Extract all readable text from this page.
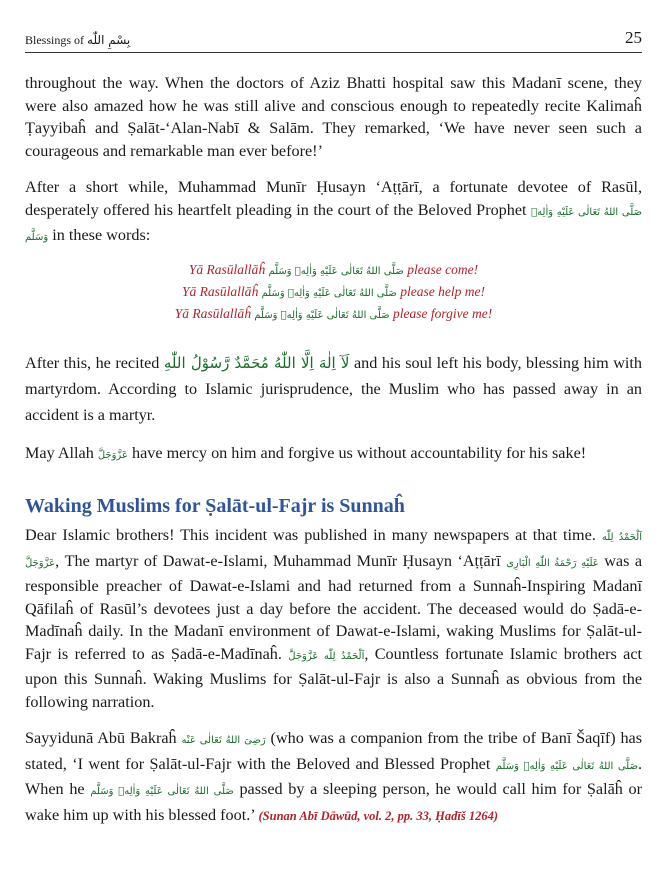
Blessings of بِسْمِ اللّٰه	25

throughout the way. When the doctors of Aziz Bhatti hospital saw this Madanī scene, they were also amazed how he was still alive and conscious enough to repeatedly recite Kalimaĥ Ṭayyibaĥ and Ṣalāt-‘Alan-Nabī & Salām. They remarked, ‘We have never seen such a courageous and remarkable man ever before!’

After a short while, Muhammad Munīr Ḥusayn ‘Aṭṭārī, a fortunate devotee of Rasūl, desperately offered his heartfelt pleading in the court of the Beloved Prophet صَلَّى اللهُ تَعَالٰى عَلَيْهِ وَاٰلِهٖ وَسَلَّم in these words:

Yā Rasūlallāĥ صَلَّى اللهُ تَعَالٰى عَلَيْهِ وَاٰلِهٖ وَسَلَّم please come!
Yā Rasūlallāĥ صَلَّى اللهُ تَعَالٰى عَلَيْهِ وَاٰلِهٖ وَسَلَّم please help me!
Yā Rasūlallāĥ صَلَّى اللهُ تَعَالٰى عَلَيْهِ وَاٰلِهٖ وَسَلَّم please forgive me!

After this, he recited لَآ اِلٰهَ اِلَّا اللّٰهُ مُحَمَّدٌ رَّسُوْلُ اللّٰهِ and his soul left his body, blessing him with martyrdom. According to Islamic jurisprudence, the Muslim who has passed away in an accident is a martyr.

May Allah عَزَّوَجَلَّ have mercy on him and forgive us without accountability for his sake!

Waking Muslims for Ṣalāt-ul-Fajr is Sunnaĥ

Dear Islamic brothers! This incident was published in many newspapers at that time. اَلْحَمْدُ لِلّٰه عَزَّوَجَلَّ, The martyr of Dawat-e-Islami, Muhammad Munīr Ḥusayn ‘Aṭṭārī عَلَيْهِ رَحْمَةُ اللّٰهِ الْبَارِی was a responsible preacher of Dawat-e-Islami and had returned from a Sunnaĥ-Inspiring Madanī Qāfilaĥ of Rasūl’s devotees just a day before the accident. The deceased would do Ṣadā-e-Madīnaĥ daily. In the Madanī environment of Dawat-e-Islami, waking Muslims for Ṣalāt-ul-Fajr is referred to as Ṣadā-e-Madīnaĥ. اَلْحَمْدُ لِلّٰه عَزَّوَجَلَّ, Countless fortunate Islamic brothers act upon this Sunnaĥ. Waking Muslims for Ṣalāt-ul-Fajr is also a Sunnaĥ as obvious from the following narration.

Sayyidunā Abū Bakraĥ رَضِیَ اللهُ تَعَالٰی عَنْه (who was a companion from the tribe of Banī Šaqīf) has stated, ‘I went for Ṣalāt-ul-Fajr with the Beloved and Blessed Prophet صَلَّى اللهُ تَعَالٰى عَلَيْهِ وَاٰلِهٖ وَسَلَّم. When he صَلَّى اللهُ تَعَالٰى عَلَيْهِ وَاٰلِهٖ وَسَلَّم passed by a sleeping person, he would call him for Ṣalāĥ or wake him up with his blessed foot.’ (Sunan Abī Dāwūd, vol. 2, pp. 33, Ḥadīš 1264)
